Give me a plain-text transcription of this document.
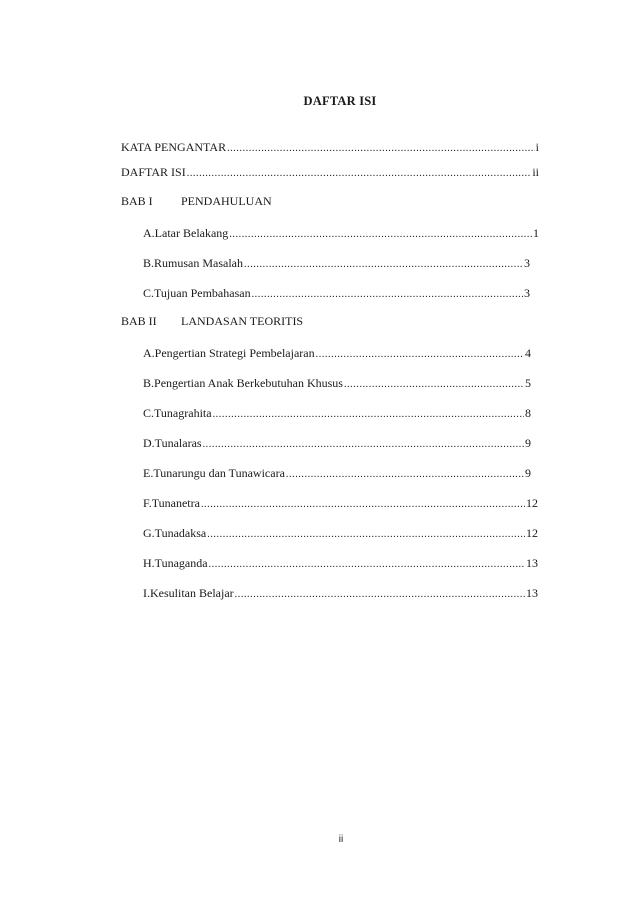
DAFTAR ISI
KATA PENGANTAR .....	i
DAFTAR ISI .....	ii
BAB I PENDAHULUAN
A. Latar Belakang .....	1
B. Rumusan Masalah .....	3
C. Tujuan Pembahasan .....	3
BAB II LANDASAN TEORITIS
A. Pengertian Strategi Pembelajaran .....	4
B. Pengertian Anak Berkebutuhan Khusus .....	5
C. Tunagrahita .....	8
D. Tunalaras .....	9
E. Tunarungu dan Tunawicara .....	9
F. Tunanetra .....	12
G. Tunadaksa .....	12
H. Tunaganda .....	13
I. Kesulitan Belajar .....	13
ii
